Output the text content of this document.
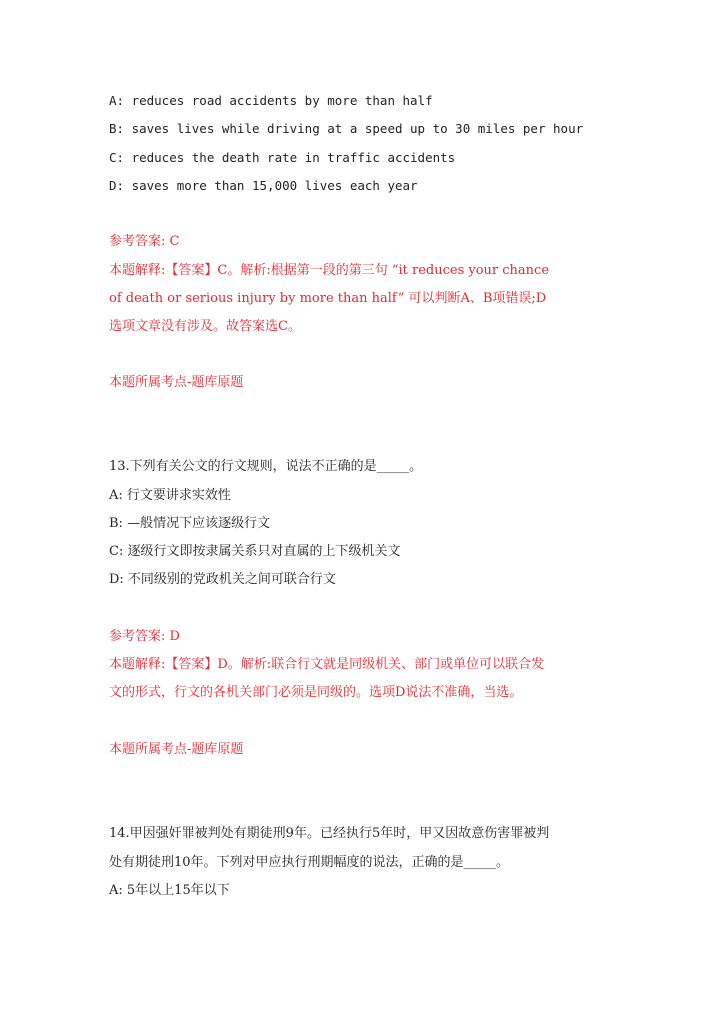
A: reduces road accidents by more than half

B: saves lives while driving at a speed up to 30 miles per hour

C: reduces the death rate in traffic accidents

D: saves more than 15,000 lives each year

参考答案: C

本题解释:【答案】C。解析:根据第一段的第三句 “it reduces your chance

of death or serious injury by more than half” 可以判断A、B项错误;D

选项文章没有涉及。故答案选C。

本题所属考点-题库原题

13.下列有关公文的行文规则，说法不正确的是_____。

A: 行文要讲求实效性

B: —般情况下应该逐级行文

C: 逐级行文即按隶属关系只对直属的上下级机关文

D: 不同级别的党政机关之间可联合行文

参考答案: D

本题解释:【答案】D。解析:联合行文就是同级机关、部门或单位可以联合发

文的形式，行文的各机关部门必须是同级的。选项D说法不准确，当选。

本题所属考点-题库原题

14.甲因强奸罪被判处有期徒刑9年。已经执行5年时，甲又因故意伤害罪被判

处有期徒刑10年。下列对甲应执行刑期幅度的说法，正确的是_____。

A: 5年以上15年以下
